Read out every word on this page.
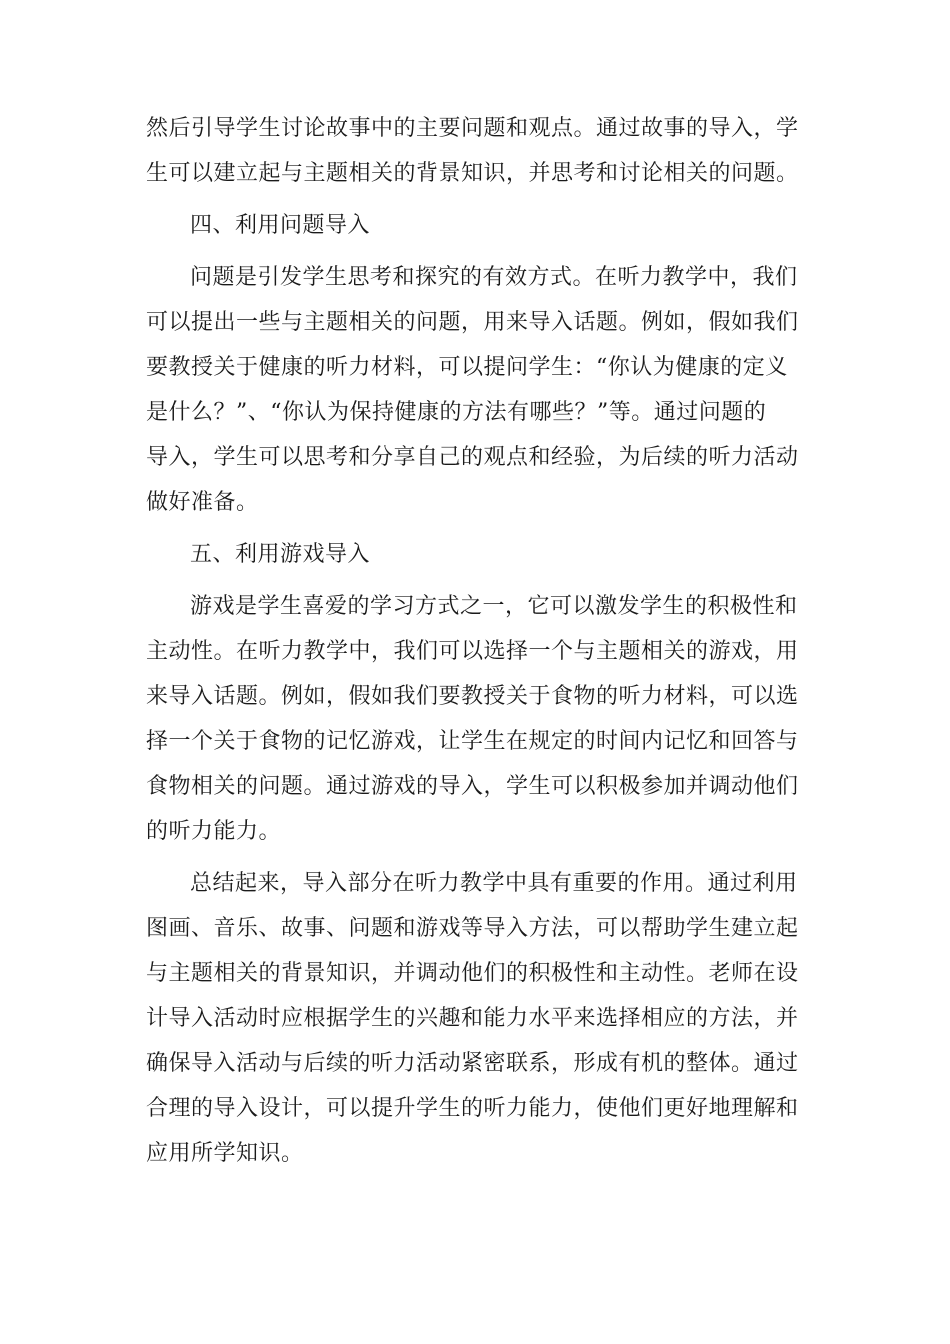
然后引导学生讨论故事中的主要问题和观点。通过故事的导入，学
生可以建立起与主题相关的背景知识，并思考和讨论相关的问题。
四、利用问题导入
问题是引发学生思考和探究的有效方式。在听力教学中，我们
可以提出一些与主题相关的问题，用来导入话题。例如，假如我们
要教授关于健康的听力材料，可以提问学生：“你认为健康的定义
是什么？”、“你认为保持健康的方法有哪些？”等。通过问题的
导入，学生可以思考和分享自己的观点和经验，为后续的听力活动
做好准备。
五、利用游戏导入
游戏是学生喜爱的学习方式之一，它可以激发学生的积极性和
主动性。在听力教学中，我们可以选择一个与主题相关的游戏，用
来导入话题。例如，假如我们要教授关于食物的听力材料，可以选
择一个关于食物的记忆游戏，让学生在规定的时间内记忆和回答与
食物相关的问题。通过游戏的导入，学生可以积极参加并调动他们
的听力能力。
总结起来，导入部分在听力教学中具有重要的作用。通过利用
图画、音乐、故事、问题和游戏等导入方法，可以帮助学生建立起
与主题相关的背景知识，并调动他们的积极性和主动性。老师在设
计导入活动时应根据学生的兴趣和能力水平来选择相应的方法，并
确保导入活动与后续的听力活动紧密联系，形成有机的整体。通过
合理的导入设计，可以提升学生的听力能力，使他们更好地理解和
应用所学知识。
